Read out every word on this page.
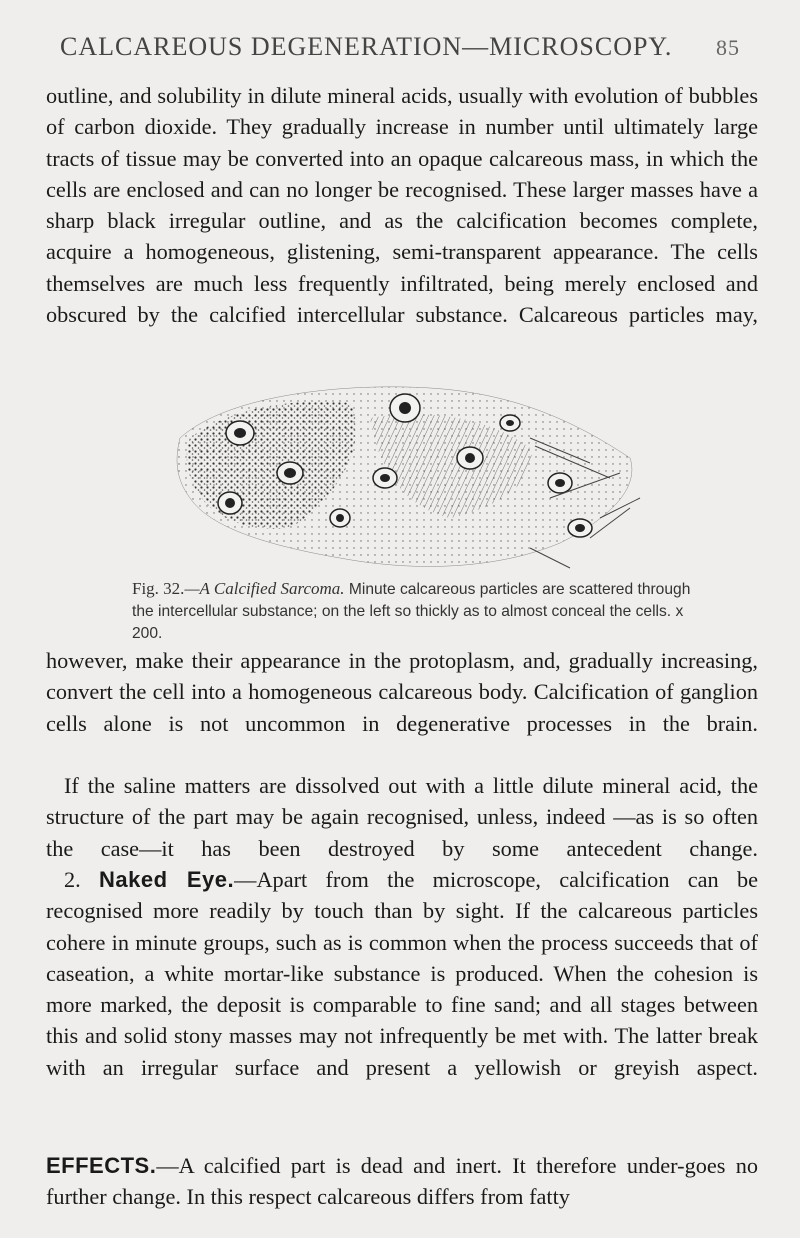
CALCAREOUS DEGENERATION—MICROSCOPY. 85

outline, and solubility in dilute mineral acids, usually with evolution of bubbles of carbon dioxide. They gradually increase in number until ultimately large tracts of tissue may be converted into an opaque calcareous mass, in which the cells are enclosed and can no longer be recognised. These larger masses have a sharp black irregular outline, and as the calcification becomes complete, acquire a homogeneous, glistening, semi-transparent appearance. The cells themselves are much less frequently infiltrated, being merely enclosed and obscured by the calcified intercellular substance. Calcareous particles may,

Fig. 32.—A Calcified Sarcoma. Minute calcareous particles are scattered through the intercellular substance; on the left so thickly as to almost conceal the cells. x 200.

however, make their appearance in the protoplasm, and, gradually increasing, convert the cell into a homogeneous calcareous body. Calcification of ganglion cells alone is not uncommon in degenerative processes in the brain.

If the saline matters are dissolved out with a little dilute mineral acid, the structure of the part may be again recognised, unless, indeed —as is so often the case—it has been destroyed by some antecedent change.

2. Naked Eye.—Apart from the microscope, calcification can be recognised more readily by touch than by sight. If the calcareous particles cohere in minute groups, such as is common when the process succeeds that of caseation, a white mortar-like substance is produced. When the cohesion is more marked, the deposit is comparable to fine sand; and all stages between this and solid stony masses may not infrequently be met with. The latter break with an irregular surface and present a yellowish or greyish aspect.

EFFECTS.—A calcified part is dead and inert. It therefore under-goes no further change. In this respect calcareous differs from fatty
